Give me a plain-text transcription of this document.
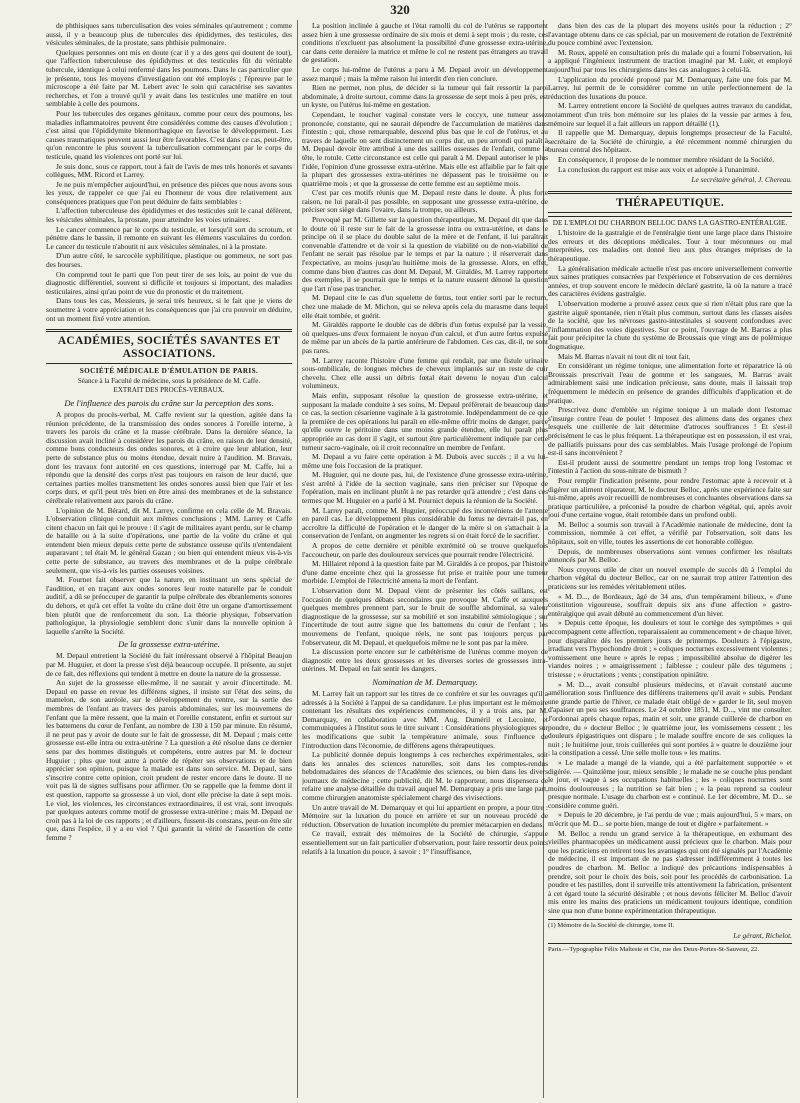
320

de phthisiques sans tuberculisation des voies séminales qu'autrement ; comme aussi, il y a beaucoup plus de tubercules des épididymes, des testicules, des vésicules séminales, de la prostate, sans phthisie pulmonaire.

Quelques personnes ont mis en doute (car il y a des gens qui doutent de tout), que l'affection tuberculeuse des épididymes et des testicules fût du véritable tubercule, identique à celui renfermé dans les poumons. Dans le cas particulier que je présente, tous les moyens d'investigation ont été employés ; l'épreuve par le microscope a été faite par M. Lebert avec le soin qui caractérise ses savantes recherches, et l'on a trouvé qu'il y avait dans les testicules une matière en tout semblable à celle des poumons.

Pour les tubercules des organes génitaux, comme pour ceux des poumons, les maladies inflammatoires peuvent être considérées comme des causes d'évolution ; c'est ainsi que l'épididymite blennorrhagique en favorise le développement. Les causes traumatiques peuvent aussi leur être favorables. C'est dans ce cas, peut-être, qu'on rencontre le plus souvent la tuberculisation commençant par le corps du testicule, quand les violences ont porté sur lui.

Je suis donc, sous ce rapport, tout à fait de l'avis de mes très honorés et savants collègues, MM. Ricord et Larrey.

Je ne puis m'empêcher aujourd'hui, en présence des pièces que nous avons sous les yeux, de rappeler ce que j'ai eu l'honneur de vous dire relativement aux conséquences pratiques que l'on peut déduire de faits semblables :

L'affection tuberculeuse des épididymes et des testicules suit le canal déférent, les vésicules séminales, la prostate, pour atteindre les voies urinaires.

Le cancer commence par le corps du testicule, et lorsqu'il sort du scrotum, et pénètre dans le bassin, il remonte en suivant les éléments vasculaires du cordon. Le cancer du testicule n'aboutit ni aux vésicules séminales, ni à la prostate.

D'un autre côté, le sarcocèle syphilitique, plastique ou gommeux, ne sort pas des bourses.

On comprend tout le parti que l'on peut tirer de ses lois, au point de vue du diagnostic différentiel, souvent si difficile et toujours si important, des maladies testiculaires, ainsi qu'au point de vue du pronostic et du traitement.

Dans tous les cas, Messieurs, je serai très heureux, si le fait que je viens de soumettre à votre appréciation et les conséquences que j'ai cru pouvoir en déduire, ont un moment fixé votre attention.

ACADÉMIES, SOCIÉTÉS SAVANTES ET ASSOCIATIONS.

SOCIÉTÉ MÉDICALE D'ÉMULATION DE PARIS.

Séance à la Faculté de médecine, sous la présidence de M. Caffe.

EXTRAIT DES PROCÈS-VERBAUX.

De l'influence des parois du crâne sur la perception des sons.

A propos du procès-verbal, M. Caffe revient sur la question, agitée dans la réunion précédente, de la transmission des ondes sonores à l'oreille interne, à travers les parois du crâne et la masse cérébrale. Dans la dernière séance, la discussion avait incliné à considérer les parois du crâne, en raison de leur densité, comme bons conducteurs des ondes sonores, et à croire que leur ablation, leur perte de substance plus ou moins étendue, devait nuire à l'audition. M. Bravais, dont les travaux font autorité en ces questions, interrogé par M. Caffe, lui a répondu que la densité des corps n'est pas toujours en raison de leur ducté, que certaines parties molles transmettent les ondes sonores aussi bien que l'air et les corps durs, et qu'il peut très bien en être ainsi des membranes et de la substance cérébrale relativement aux parois du crâne.

L'opinion de M. Bérard, dit M. Larrey, confirme en cela celle de M. Bravais. L'observation clinique conduit aux mêmes conclusions ; MM. Larrey et Caffe citent chacun un fait qui le prouve : il s'agit de militaires ayant perdu, sur le champ de bataille ou à la suite d'opérations, une partie de la voûte du crâne et qui entendent bien mieux depuis cette perte de substance osseuse qu'ils n'entendaient auparavant ; tel était M. le général Gazan ; ou bien qui entendent mieux vis-à-vis cette perte de substance, au travers des membranes et de la pulpe cérébrale seulement, que vis-à-vis les parties osseuses voisines.

M. Fournet fait observer que la nature, en instituant un sens spécial de l'audition, et en traçant aux ondes sonores leur route naturelle par le conduit auditif, a dû se préoccuper de garantir la pulpe cérébrale des ébranlements sonores du dehors, et qu'à cet effet la voûte du crâne doit être un organe d'amortissement bien plutôt que de renforcement du son. La théorie physique, l'observation pathologique, la physiologie semblent donc s'unir dans la nouvelle opinion à laquelle s'arrête la Société.

De la grossesse extra-utérine.

M. Depaul entretient la Société du fait intéressant observé à l'hôpital Beaujon par M. Huguier, et dont la presse s'est déjà beaucoup occupée. Il présente, au sujet de ce fait, des réflexions qui tendent à mettre en doute la nature de la grossesse.

Au sujet de la grossesse elle-même, il ne saurait y avoir d'incertitude. M. Depaul en passe en revue les différens signes, il insiste sur l'état des seins, du mamelon, de son auréole, sur le développement du ventre, sur la sortie des membres de l'enfant au travers des parois abdominales, sur les mouvemens de l'enfant que la mère ressent, que la main et l'oreille constatent, enfin et surtout sur les battemens du cœur de l'enfant, au nombre de 130 à 150 par minute. En résumé, il ne peut pas y avoir de doute sur le fait de grossesse, dit M. Depaul ; mais cette grossesse est-elle intra ou extra-utérine ? La question a été résolue dans ce dernier sens par des hommes distingués et compétens, entre autres par M. le docteur Huguier ; plus que tout autre à portée de répéter ses observations et de bien apprécier son opinion, puisque la malade est dans son service. M. Depaul, sans s'inscrire contre cette opinion, croit prudent de rester encore dans le doute. Il ne voit pas là de signes suffisans pour affirmer. On se rappelle que la femme dont il est question, rapporte sa grossesse à un viol, dont elle précise la date à sept mois. Le viol, les violences, les circonstances extraordinaires, il est vrai, sont invoqués par quelques auteurs comme motif de grossesse extra-utérine ; mais M. Depaul ne croit pas à la loi de ces rapports ; et d'ailleurs, fussent-ils constans, peut-on être sûr que, dans l'espèce, il y a eu viol ? Qui garantit la vérité de l'assertion de cette femme ?

La position inclinée à gauche et l'état ramolli du col de l'utérus se rapportent assez bien à une grossesse ordinaire de six mois et demi à sept mois ; du reste, ces conditions n'excluent pas absolument la possibilité d'une grossesse extra-utérine, car dans cette dernière la matrice et même le col ne restent pas étrangers au travail de gestation.

Le corps lui-même de l'utérus a paru à M. Depaul avoir un développement assez marqué ; mais la même raison lui interdit d'en rien conclure.

Rien ne permet, non plus, de décider si la tumeur qui fait ressortir la paroi abdominale, à droite surtout, comme dans la grossesse de sept mois à peu près, est un kyste, ou l'utérus lui-même en gestation.

Cependant, le toucher vaginal constate vers le coccyx, une tumeur assez prononcée, constante, qui ne saurait dépendre de l'accumulation de matières dans l'intestin ; qui, chose remarquable, descend plus bas que le col de l'utérus, et au travers de laquelle on sent distinctement un corps dur, un peu arrondi qui paraît à M. Depaul devoir être attribué à une des saillies osseuses de l'enfant, comme la tête, le rotule. Cette circonstance est celle qui paraît à M. Depaul autoriser le plus l'idée, l'opinion d'une grossesse extra-utérine. Mais elle est affaiblie par le fait que la plupart des grossesses extra-utérines ne dépassent pas le troisième ou le quatrième mois ; et que la grossesse de cette femme est au septième mois.

C'est par ces motifs réunis que M. Depaul reste dans le doute. À plus forte raison, ne lui paraît-il pas possible, en supposant une grossesse extra-utérine, de préciser son siège dans l'ovaire, dans la trompe, ou ailleurs.

Provoqué par M. Gillette sur la question thérapeutique, M. Depaul dit que dans le doute où il reste sur le fait de la grossesse intra ou extra-utérine, et dans le principe où il se place du double salut de la mère et de l'enfant, il lui paraîtrait convenable d'attendre et de voir si la question de viabilité ou de non-viabilité de l'enfant ne serait pas résolue par le temps et par la nature ; il réserverait dans l'expectative, au moins jusqu'au huitième mois de la grossesse. Alors, en effet, comme dans bien d'autres cas dont M. Depaul, M. Giraldès, M. Larrey rapportent des exemples, il se pourrait que le temps et la nature eussent dénoué la question que l'art n'ose pas trancher.

M. Depaul cite le cas d'un squelette de fœtus, tout entier sorti par le rectum, chez une malade de M. Michon, qui se releva après cela du marasme dans lequel elle était tombée, et guérit.

M. Giraldès rapporte le double cas de débris d'un fœtus expulsé par la vessie, où quelques-uns d'eux formaient le noyau d'un calcul, et d'un autre fœtus expulsé de même par un abcès de la partie antérieure de l'abdomen. Ces cas, dit-il, ne sont pas rares.

M. Larrey raconte l'histoire d'une femme qui rendait, par une fistule urinaire sous-ombilicale, de longues mèches de cheveux implantés sur un reste de cuir chevelu. Chez elle aussi un débris fœtal était devenu le noyau d'un calcul volumineux.

Mais enfin, supposant résolue la question de grossesse extra-utérine, et supposant la malade conduite à ses soins, M. Depaul préférerait de beaucoup dans ce cas, la section césarienne vaginale à la gastrotomie. Indépendamment de ce que la première de ces opérations lui paraît en elle-même offrir moins de danger, parce qu'elle ouvre le péritoine dans une moins grande étendue, elle lui paraît plus appropriée au cas dont il s'agit, et surtout être particulièrement indiquée par cette tumeur sacro-vaginale, où il croit reconnaître un membre de l'enfant.

M. Depaul a vu faire cette opération à M. Dubois avec succès ; il a vu lui-même une fois l'occasion de la pratiquer.

M. Huguier, qui ne doute pas, lui, de l'existence d'une grossesse extra-utérine, s'est arrêté à l'idée de la section vaginale, sans rien préciser sur l'époque de l'opération, mais en inclinant plutôt à ne pas retarder qu'à attendre ; c'est dans ces termes que M. Huguier en a parlé à M. Pournict depuis la réunion de la Société.

M. Larrey paraît, comme M. Huguier, préoccupé des inconvéniens de l'attente en pareil cas. Le développement plus considérable du fœtus ne devrait-il pas, en accroître la difficulté de l'opération et le danger de la mère si on s'attachait à la conservation de l'enfant, on augmenter les regrets si on était forcé de le sacrifier.

A propos de cette dernière et pénible extrémité où se trouve quelquefois l'accoucheur, on parle des douloureux services que pourrait rendre l'électricité.

M. Hillairet répond à la question faite par M. Giraldès à ce propos, par l'histoire d'une dame enceinte chez qui la grossesse fut prise et traitée pour une tumeur morbide. L'emploi de l'électricité amena la mort de l'enfant.

L'observation dont M. Depaul vient de présenter les côtés saillans, est l'occasion de quelques débats secondaires que provoque M. Caffe et auxquels quelques membres prennent part, sur le bruit de souffle abdominal, sa valeur diagnostique de la grossesse, sur sa mobilité et son instabilité sémiologique ; sur l'incertitude de tout autre signe que les battemens du cœur de l'enfant ; les mouvemens de l'enfant, quoique réels, ne sont pas toujours perçus par l'observateur, dit M. Depaul, et quelquefois même ne le sont pas par la mère.

La discussion porte encore sur le cathétérisme de l'utérus comme moyen de diagnostic entre les deux grossesses et les diverses sortes de grossesses intra-utérines. M. Depaul en fait sentir les dangers.

Nomination de M. Demarquay.

M. Larrey fait un rapport sur les titres de ce confrère et sur les ouvrages qu'il a adressés à la Société à l'appui de sa candidature. Le plus important est le mémoire contenant les résultats des expériences commencées, il y a trois ans, par M. Demarquay, en collaboration avec MM. Aug. Duméril et Lecointe, et communiquées à l'Institut sous le titre suivant : Considérations physiologiques sur les modifications que subit la température animale, sous l'influence de l'introduction dans l'économie, de différens agens thérapeutiques.

La publicité donnée depuis longtemps à ces recherches expérimentales, soit dans les annales des sciences naturelles, soit dans les comptes-rendus hebdomadaires des séances de l'Académie des sciences, ou bien dans les divers journaux de médecine ; cette publicité, dit M. le rapporteur, nous dispensera de refaire une analyse détaillée du travail auquel M. Demarquay a pris une large part, comme chirurgien anatomiste spécialement chargé des vivisections.

Un autre travail de M. Demarquay et qui lui appartient en propre, a pour titre : Mémoire sur la luxation du pouce en arrière et sur un nouveau procédé de réduction. Observation de luxation incomplète du premier métacarpien en dedans.

Ce travail, extrait des mémoires de la Société de chirurgie, s'appuie essentiellement sur un fait particulier d'observation, pour faire ressortir deux points relatifs à la luxation du pouce, à savoir : 1° l'insuffisance,

dans bien des cas de la plupart des moyens usités pour la réduction ; 2° l'avantage obtenu dans ce cas spécial, par un mouvement de rotation de l'extrémité du pouce combiné avec l'extension.

M. Roux, appelé en consultation près du malade qui a fourni l'observation, lui a appliqué l'ingénieux instrument de traction imaginé par M. Luër, et employé aujourd'hui par tous les chirurgiens dans les cas analogues à celui-là.

L'application du procédé proposé par M. Demarquay, faite une fois par M. Larrey, lui permit de le considérer comme un utile perfectionnement de la réduction des luxations du pouce.

M. Larrey entretient encore la Société de quelques autres travaux du candidat, notamment d'un très bon mémoire sur les plaies de la vessie par armes à feu, mémoire sur lequel il a fait ailleurs un rapport détaillé (1).

Il rappelle que M. Demarquay, depuis longtemps prosecteur de la Faculté, secrétaire de la Société de chirurgie, a été récemment nommé chirurgien du bureau central des hôpitaux.

En conséquence, il propose de le nommer membre résidant de la Société.

La conclusion du rapport est mise aux voix et adoptée à l'unanimité.

Le secrétaire général, J. Chereau.

THÉRAPEUTIQUE.

DE L'EMPLOI DU CHARBON BELLOC DANS LA GASTRO-ENTÉRALGIE.

L'histoire de la gastralgie et de l'entéralgie tient une large place dans l'histoire des erreurs et des déceptions médicales. Tour à tour méconnues ou mal interprétées, ces maladies ont donné lieu aux plus étranges méprises de la thérapeutique.

La généralisation médicale actuelle n'est pas encore universellement convertie aux saines pratiques consacrées par l'expérience et l'observation de ces dernières années, et trop souvent encore le médecin déclaré gastrite, là où la nature a tracé des caractères évidens gastralgie.

L'observation moderne a prouvé assez ceux que si rien n'était plus rare que la gastrite aiguë spontanée, rien n'était plus commun, surtout dans les classes aisées de la société, que les névroses gastro-intestinales si souvent confondues avec l'inflammation des voies digestives. Sur ce point, l'ouvrage de M. Barras a plus fait pour précipiter la chute du système de Broussais que vingt ans de polémique dogmatique.

Mais M. Barras n'avait ni tout dit ni tout fait.

En considérant un régime tonique, une alimentation forte et réparatrice là où Broussais prescrivait l'eau de gomme et les sangsues, M. Barras avait admirablement saisi une indication précieuse, sans doute, mais il laissait trop fréquemment le médecin en présence de grandes difficultés d'application et de pratique.

Prescrivez donc d'emblée un régime tonique à un malade dont l'estomac s'insurge contre l'eau de poulet ! Imposez des alimens dans des organes chez lesquels une cuillerée de lait détermine d'atroces souffrances ! Et s'est-il précisément le cas le plus fréquent. La thérapeutique est en possession, il est vrai, de palliatifs puissans pour des cas semblables. Mais l'usage prolongé de l'opium est-il sans inconvénient ?

Est-il prudent aussi de soumettre pendant un temps trop long l'estomac et l'intestin à l'action du sous-nitrate de bismuth ?

Pour remplir l'indication présente, pour rendre l'estomac apte à recevoir et à digérer un aliment réparateur, M. le docteur Belloc, après une expérience faite sur lui-même, après avoir recueilli de nombreuses et concluantes observations dans sa pratique particulière, a préconisé la poudre de charbon végétal, qui, après avoir joui d'une certaine vogue, était retombée dans un profond oubli.

M. Belloc a soumis son travail à l'Académie nationale de médecine, dont la commission, nommée à cet effet, a vérifié par l'observation, soit dans les hôpitaux, soit en ville, toutes les assertions de cet honorable collègue.

Depuis, de nombreuses observations sont venues confirmer les résultats annoncés par M. Belloc.

Nous croyons utile de citer un nouvel exemple de succès dû à l'emploi du charbon végétal du docteur Belloc, car on ne saurait trop attirer l'attention des praticiens sur les remèdes véritablement utiles.

« M. D..., de Bordeaux, âgé de 34 ans, d'un tempérament bilieux, » d'une constitution vigoureuse, souffrait depuis six ans d'une affection » gastro-entéralgique qui avait débuté au commencement d'un hiver.

» Depuis cette époque, les douleurs et tout le cortège des symptômes » qui accompagnent cette affection, reparaissaient au commencement » de chaque hiver, pour disparaître dès les premiers jours de printemps. Douleurs à l'épigastre, irradiant vers l'hypochondre droit ; » coliques nocturnes excessivement violentes ; vomissement une heure » après le repas ; impossibilité absolue de digérer les viandes noires ; » amaigrissement ; faiblesse ; couleur pâle des tégumens ; tristesse ; » éructations ; vents ; constipation opiniâtre.

» M. D..., avait consulté plusieurs médecins, et n'avait constaté aucune amélioration sous l'influence des différens traitemens qu'il avait » subis. Pendant une grande partie de l'hiver, ce malade était obligé de » garder le lit, seul moyen d'apaiser un peu ses souffrances. Le 24 octobre 1851, M. D..., vint me consulter. J'ordonnai après chaque repas, matin et soir, une grande cuillerée de charbon en poudre, du » docteur Belloc ; le quatrième jour, les vomissemens cessent ; les douleurs épigastriques ont disparu ; le malade souffre encore de ses coliques la nuit ; le huitième jour, trois cuillerées qui sont portées à » quatre le douzième jour ; la constipation a cessé. Une selle molle tous » les matins.

» Le malade a mangé de la viande, qui a été parfaitement supportée » et digérée. — Quinzième jour, mieux sensible ; le malade ne se couche plus pendant le jour, et vaque à ses occupations habituelles ; les » coliques nocturnes sont moins douloureuses ; la nutrition se fait bien ; » la peau reprend sa couleur presque normale. L'usage du charbon est » continué. Le 1er décembre, M. D... se considère comme guéri.

» Depuis le 20 décembre, je l'ai perdu de vue ; mais aujourd'hui, 5 » mars, on m'écrit que M. D... se porte bien, mange de tout et digère » parfaitement. »

M. Belloc a rendu un grand service à la thérapeutique, en exhumant des vieilles pharmacopées un médicament aussi précieux que le charbon. Mais pour que les praticiens en retirent tous les avantages qui ont été signalés par l'Académie de médecine, il est important de ne pas s'adresser indifféremment à toutes les poudres de charbon. M. Belloc a indiqué des précautions indispensables à prendre, soit pour le choix des bois, soit pour les procédés de carbonisation. La poudre et les pastilles, dont il surveille très attentivement la fabrication, présentent à cet égard toute la sécurité désirable ; et nous devons féliciter M. Belloc d'avoir mis entre les mains des praticiens un médicament toujours identique, condition sine qua non d'une bonne expérimentation thérapeutique.

(1) Mémoire de la Société de chirurgie, tome II.

Le gérant, Richelot.

Paris.—Typographie Félix Malteste et Cie, rue des Deux-Portes-St-Sauveur, 22.
